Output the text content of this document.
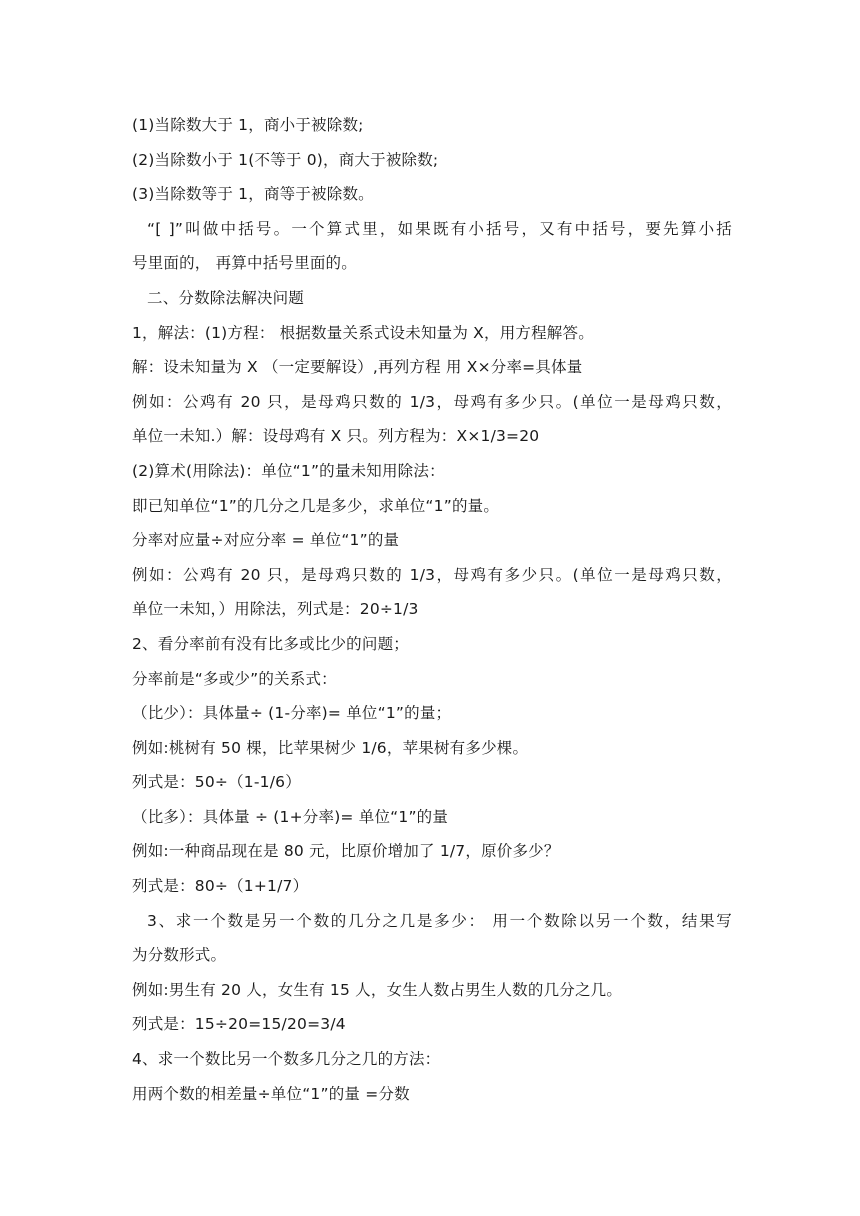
(1)当除数大于 1，商小于被除数;
(2)当除数小于 1(不等于 0)，商大于被除数;
(3)当除数等于 1，商等于被除数。
“[ ]”叫做中括号。一个算式里，如果既有小括号，又有中括号，要先算小括
号里面的， 再算中括号里面的。
二、分数除法解决问题
1，解法：(1)方程： 根据数量关系式设未知量为 X，用方程解答。
解：设未知量为 X （一定要解设）,再列方程 用 X×分率=具体量
例如：公鸡有 20 只，是母鸡只数的 1/3，母鸡有多少只。(单位一是母鸡只数，
单位一未知.）解：设母鸡有 X 只。列方程为：X×1/3=20
(2)算术(用除法)：单位“1”的量未知用除法：
即已知单位“1”的几分之几是多少，求单位“1”的量。
分率对应量÷对应分率 = 单位“1”的量
例如：公鸡有 20 只，是母鸡只数的 1/3，母鸡有多少只。(单位一是母鸡只数，
单位一未知，）用除法，列式是：20÷1/3
2、看分率前有没有比多或比少的问题；
分率前是“多或少”的关系式：
（比少）：具体量÷ (1-分率)= 单位“1”的量；
例如:桃树有 50 棵，比苹果树少 1/6，苹果树有多少棵。
列式是：50÷（1-1/6）
（比多）：具体量 ÷ (1+分率)= 单位“1”的量
例如:一种商品现在是 80 元，比原价增加了 1/7，原价多少？
列式是：80÷（1+1/7）
3、求一个数是另一个数的几分之几是多少： 用一个数除以另一个数，结果写
为分数形式。
例如:男生有 20 人，女生有 15 人，女生人数占男生人数的几分之几。
列式是：15÷20=15/20=3/4
4、求一个数比另一个数多几分之几的方法：
用两个数的相差量÷单位“1”的量 =分数
